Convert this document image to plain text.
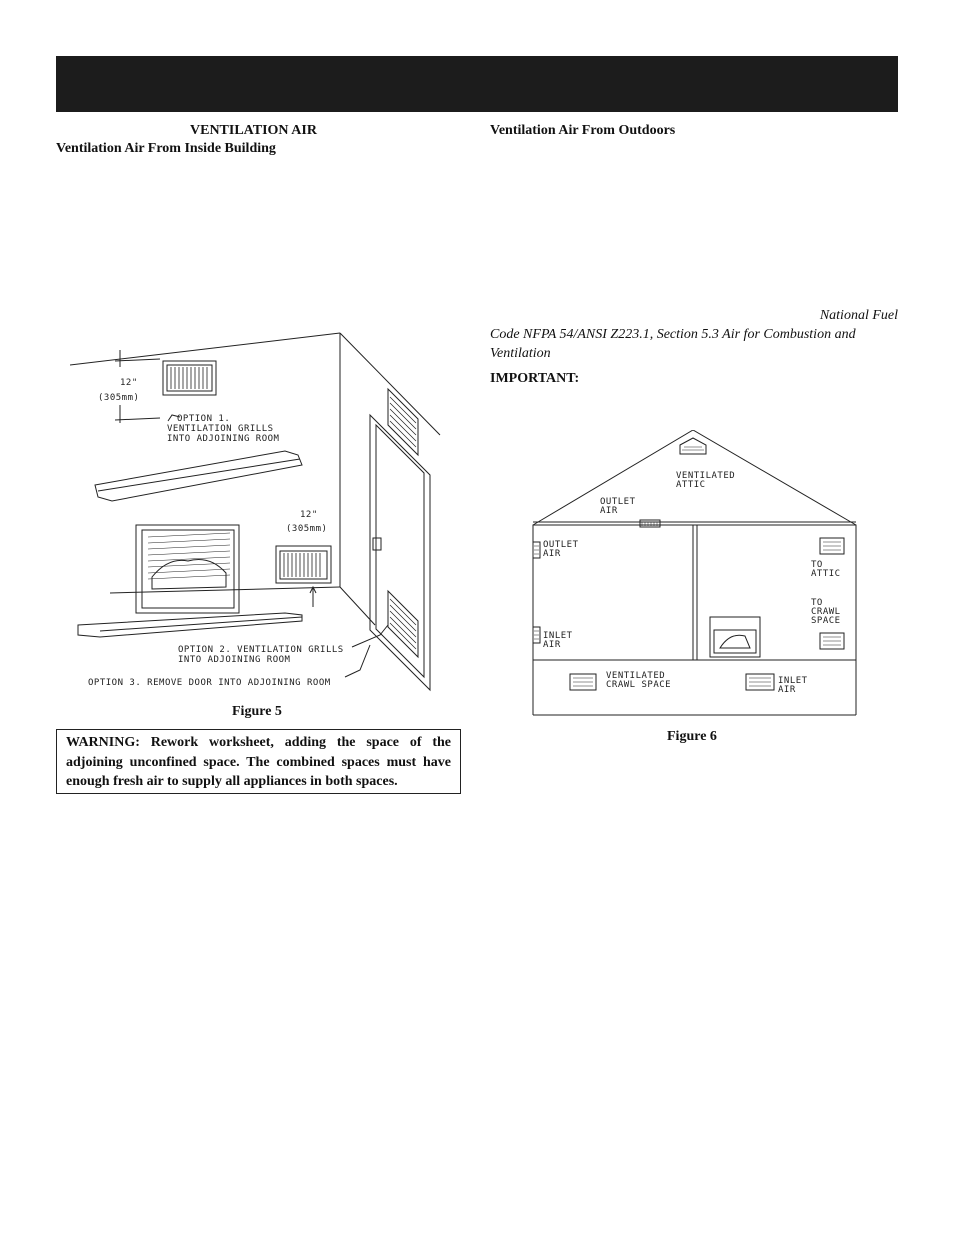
VENTILATION AIR
Ventilation Air From Inside Building
Ventilation Air From Outdoors
National Fuel
Code NFPA 54/ANSI Z223.1, Section 5.3 Air for Combustion and
Ventilation
IMPORTANT:
12"
(305mm)
OPTION 1.
VENTILATION GRILLS
INTO ADJOINING ROOM
12"
(305mm)
OPTION 2. VENTILATION GRILLS
INTO ADJOINING ROOM
OPTION 3. REMOVE DOOR INTO ADJOINING ROOM
Figure 5
WARNING: Rework worksheet, adding the space of the adjoining unconfined space. The combined spaces must have enough fresh air to supply all appliances in both spaces.
VENTILATED
ATTIC
OUTLET
AIR
OUTLET
AIR
INLET
AIR
TO
ATTIC
TO
CRAWL
SPACE
VENTILATED
CRAWL SPACE	INLET
AIR
Figure 6
